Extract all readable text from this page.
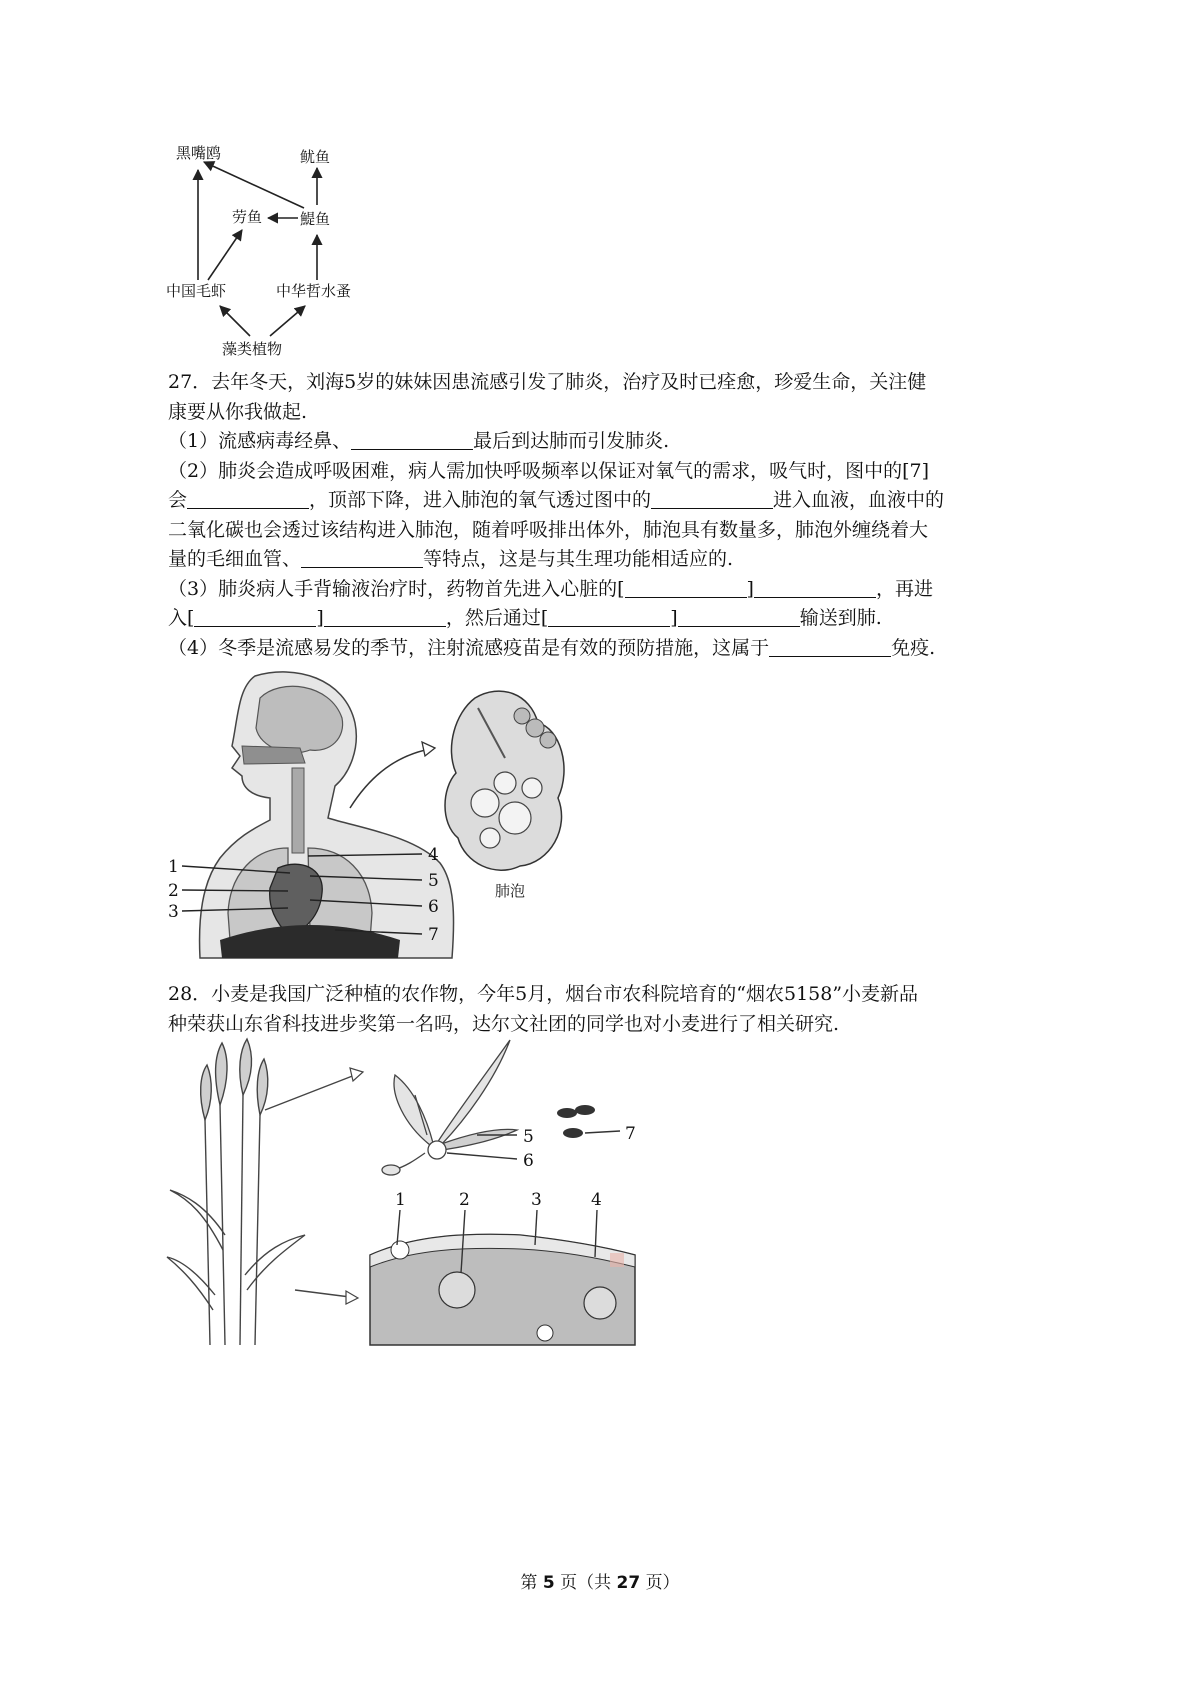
黑嘴鸥	鱿鱼
劳鱼	鯷鱼
中国毛虾	中华哲水蚤
藻类植物
27．去年冬天，刘海5岁的妹妹因患流感引发了肺炎，治疗及时已痊愈，珍爱生命，关注健
康要从你我做起.
（1）流感病毒经鼻、	最后到达肺而引发肺炎.
（2）肺炎会造成呼吸困难，病人需加快呼吸频率以保证对氧气的需求，吸气时，图中的[7]
会	，顶部下降，进入肺泡的氧气透过图中的	进入血液，血液中的
二氧化碳也会透过该结构进入肺泡，随着呼吸排出体外，肺泡具有数量多，肺泡外缠绕着大
量的毛细血管、	等特点，这是与其生理功能相适应的.
（3）肺炎病人手背输液治疗时，药物首先进入心脏的[	]	，再进
入[	]	，然后通过[	]	输送到肺.
（4）冬季是流感易发的季节，注射流感疫苗是有效的预防措施，这属于	免疫.
肺泡
1
2
3
4
5
6
7
28．小麦是我国广泛种植的农作物，今年5月，烟台市农科院培育的“烟农5158”小麦新品
种荣获山东省科技进步奖第一名吗，达尔文社团的同学也对小麦进行了相关研究.
7
5
6
1	2	3	4
第 5 页（共 27 页）
